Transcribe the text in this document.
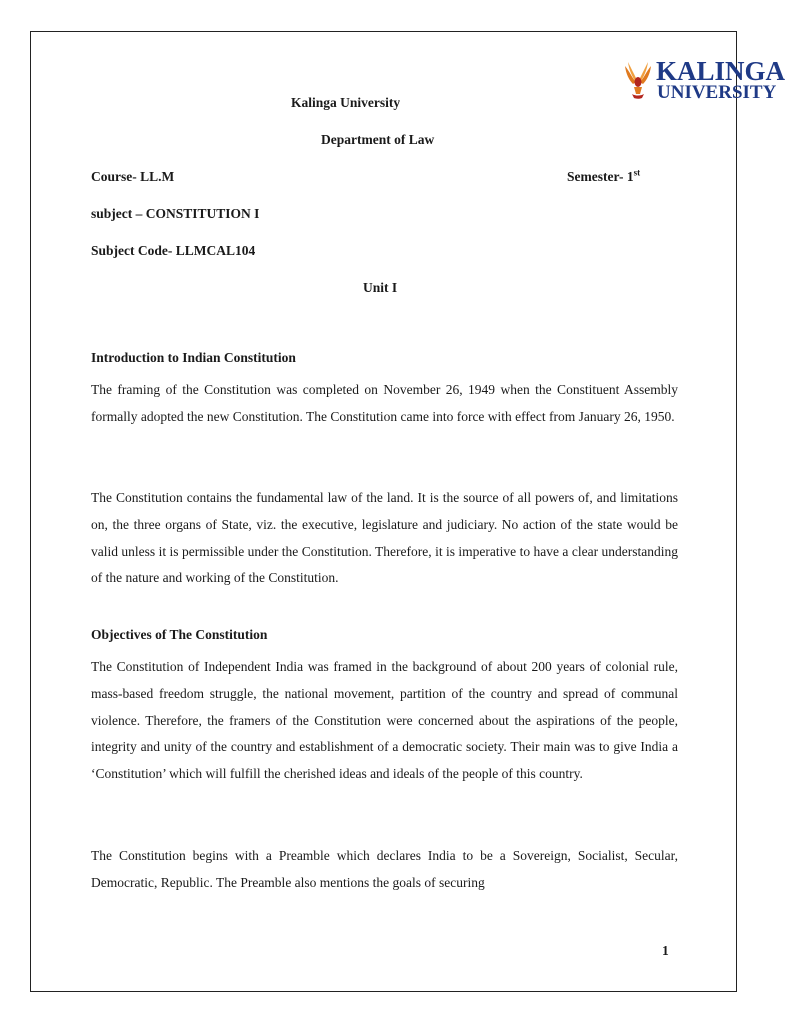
KALINGA
UNIVERSITY
Kalinga University
Department of Law
Course- LL.M	Semester- 1st
subject – CONSTITUTION I
Subject Code- LLMCAL104
Unit I
Introduction to Indian Constitution
The framing of the Constitution was completed on November 26, 1949 when the Constituent Assembly formally adopted the new Constitution. The Constitution came into force with effect from January 26, 1950.
The Constitution contains the fundamental law of the land. It is the source of all powers of, and limitations on, the three organs of State, viz. the executive, legislature and judiciary. No action of the state would be valid unless it is permissible under the Constitution. Therefore, it is imperative to have a clear understanding of the nature and working of the Constitution.
Objectives of The Constitution
The Constitution of Independent India was framed in the background of about 200 years of colonial rule, mass-based freedom struggle, the national movement, partition of the country and spread of communal violence. Therefore, the framers of the Constitution were concerned about the aspirations of the people, integrity and unity of the country and establishment of a democratic society. Their main was to give India a ‘Constitution’ which will fulfill the cherished ideas and ideals of the people of this country.
The Constitution begins with a Preamble which declares India to be a Sovereign, Socialist, Secular, Democratic, Republic. The Preamble also mentions the goals of securing
1
